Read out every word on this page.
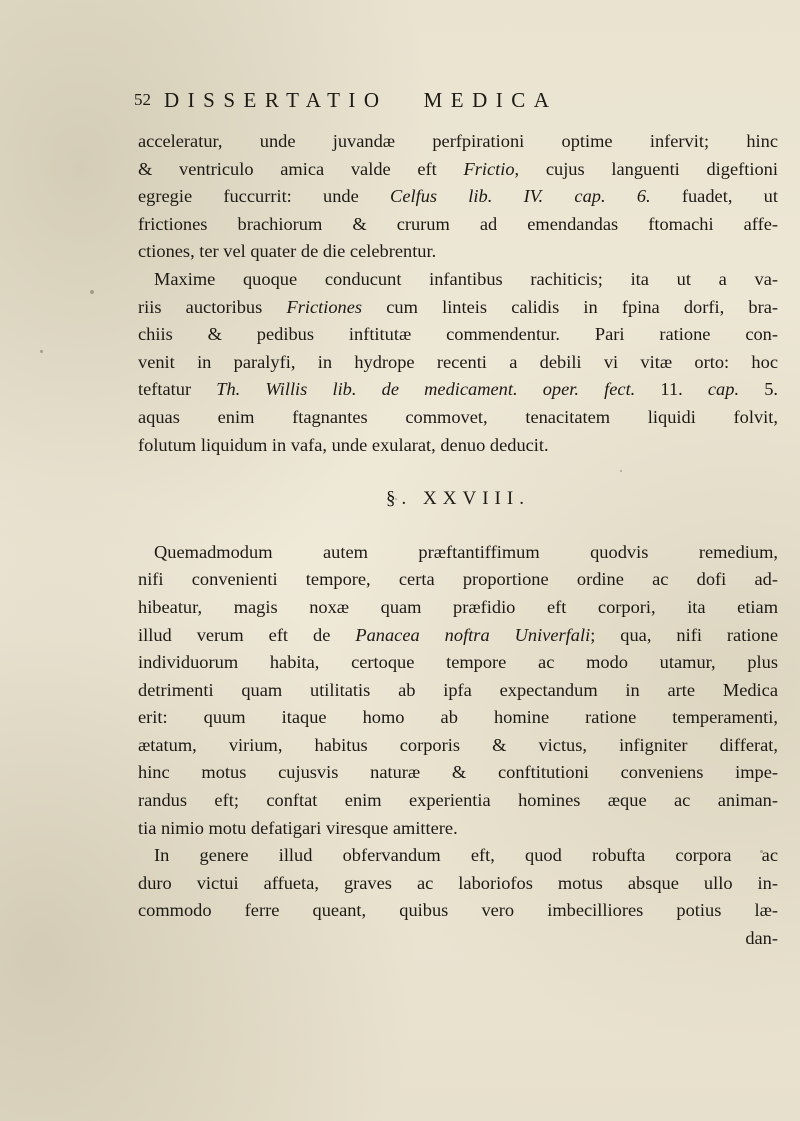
52 DISSERTATIO MEDICA
acceleratur, unde juvandæ perfpirationi optime infervit; hinc
& ventriculo amica valde eft Frictio, cujus languenti digeftioni
egregie fuccurrit: unde Celfus lib. IV. cap. 6. fuadet, ut
frictiones brachiorum & crurum ad emendandas ftomachi affe-
ctiones, ter vel quater de die celebrentur.
Maxime quoque conducunt infantibus rachiticis; ita ut a va-
riis auctoribus Frictiones cum linteis calidis in fpina dorfi, bra-
chiis & pedibus inftitutæ commendentur. Pari ratione con-
venit in paralyfi, in hydrope recenti a debili vi vitæ orto: hoc
teftatur Th. Willis lib. de medicament. oper. fect. 11. cap. 5.
aquas enim ftagnantes commovet, tenacitatem liquidi folvit,
folutum liquidum in vafa, unde exularat, denuo deducit.
§. XXVIII.
Quemadmodum autem præftantiffimum quodvis remedium,
nifi convenienti tempore, certa proportione ordine ac dofi ad-
hibeatur, magis noxæ quam præfidio eft corpori, ita etiam
illud verum eft de Panacea noftra Univerfali; qua, nifi ratione
individuorum habita, certoque tempore ac modo utamur, plus
detrimenti quam utilitatis ab ipfa expectandum in arte Medica
erit: quum itaque homo ab homine ratione temperamenti,
ætatum, virium, habitus corporis & victus, infigniter differat,
hinc motus cujusvis naturæ & conftitutioni conveniens impe-
randus eft; conftat enim experientia homines æque ac animan-
tia nimio motu defatigari viresque amittere.
In genere illud obfervandum eft, quod robufta corpora ac
duro victui affueta, graves ac laboriofos motus absque ullo in-
commodo ferre queant, quibus vero imbecilliores potius læ-
dan-
